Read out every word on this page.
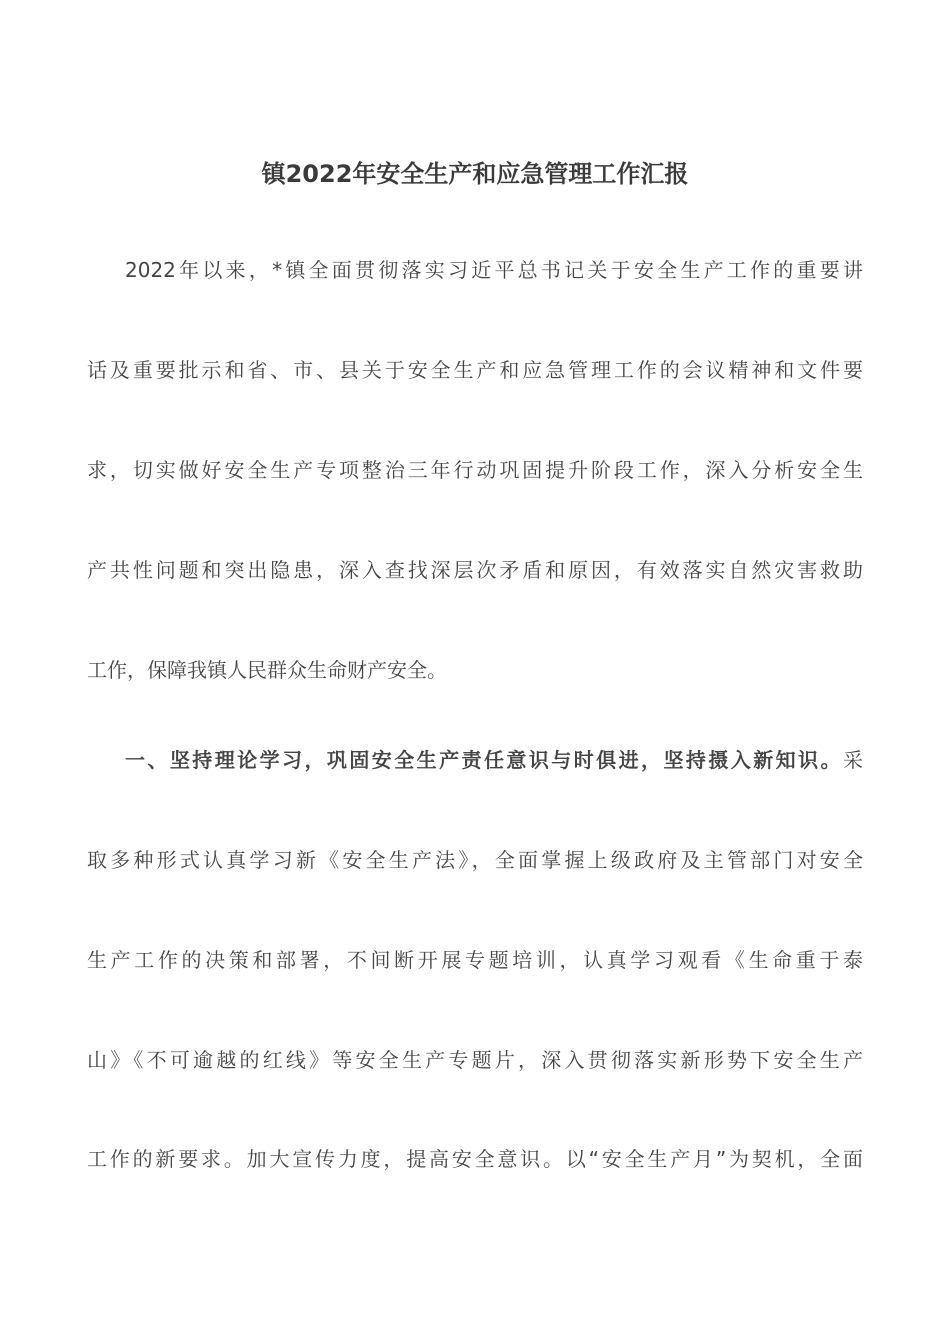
镇2022年安全生产和应急管理工作汇报
2022年以来，*镇全面贯彻落实习近平总书记关于安全生产工作的重要讲
话及重要批示和省、市、县关于安全生产和应急管理工作的会议精神和文件要
求，切实做好安全生产专项整治三年行动巩固提升阶段工作，深入分析安全生
产共性问题和突出隐患，深入查找深层次矛盾和原因，有效落实自然灾害救助
工作，保障我镇人民群众生命财产安全。
一、坚持理论学习，巩固安全生产责任意识与时俱进，坚持摄入新知识。采
取多种形式认真学习新《安全生产法》，全面掌握上级政府及主管部门对安全
生产工作的决策和部署，不间断开展专题培训，认真学习观看《生命重于泰
山》《不可逾越的红线》等安全生产专题片，深入贯彻落实新形势下安全生产
工作的新要求。加大宣传力度，提高安全意识。以“安全生产月”为契机，全面
